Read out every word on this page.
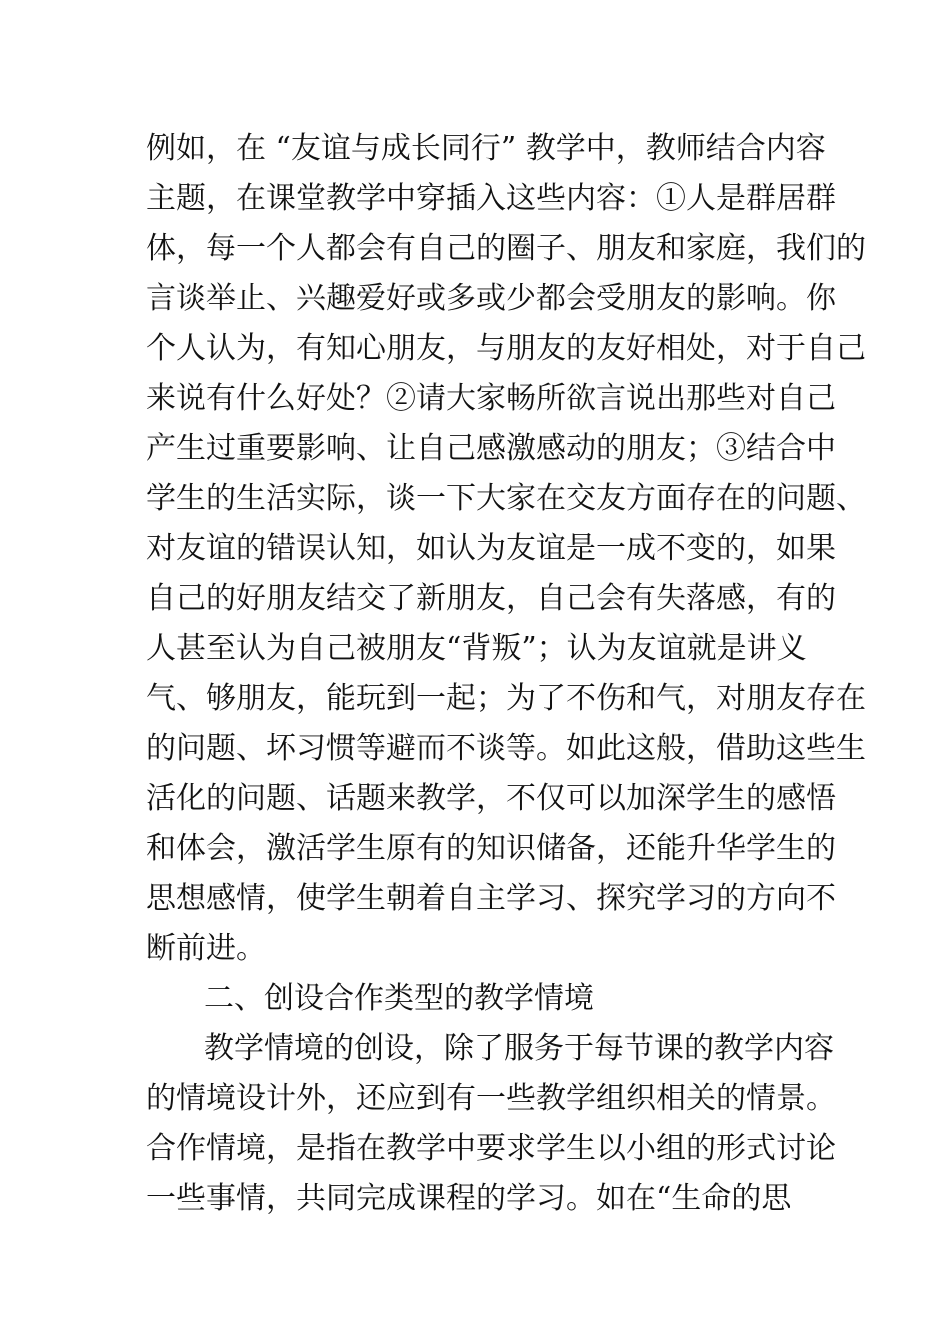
例如，在 “友谊与成长同行” 教学中，教师结合内容
主题，在课堂教学中穿插入这些内容：①人是群居群
体，每一个人都会有自己的圈子、朋友和家庭，我们的
言谈举止、兴趣爱好或多或少都会受朋友的影响。你
个人认为，有知心朋友，与朋友的友好相处，对于自己
来说有什么好处？②请大家畅所欲言说出那些对自己
产生过重要影响、让自己感激感动的朋友；③结合中
学生的生活实际，谈一下大家在交友方面存在的问题、
对友谊的错误认知，如认为友谊是一成不变的，如果
自己的好朋友结交了新朋友，自己会有失落感，有的
人甚至认为自己被朋友“背叛”；认为友谊就是讲义
气、够朋友，能玩到一起；为了不伤和气，对朋友存在
的问题、坏习惯等避而不谈等。如此这般，借助这些生
活化的问题、话题来教学，不仅可以加深学生的感悟
和体会，激活学生原有的知识储备，还能升华学生的
思想感情，使学生朝着自主学习、探究学习的方向不
断前进。
二、创设合作类型的教学情境
教学情境的创设，除了服务于每节课的教学内容
的情境设计外，还应到有一些教学组织相关的情景。
合作情境，是指在教学中要求学生以小组的形式讨论
一些事情，共同完成课程的学习。如在“生命的思
